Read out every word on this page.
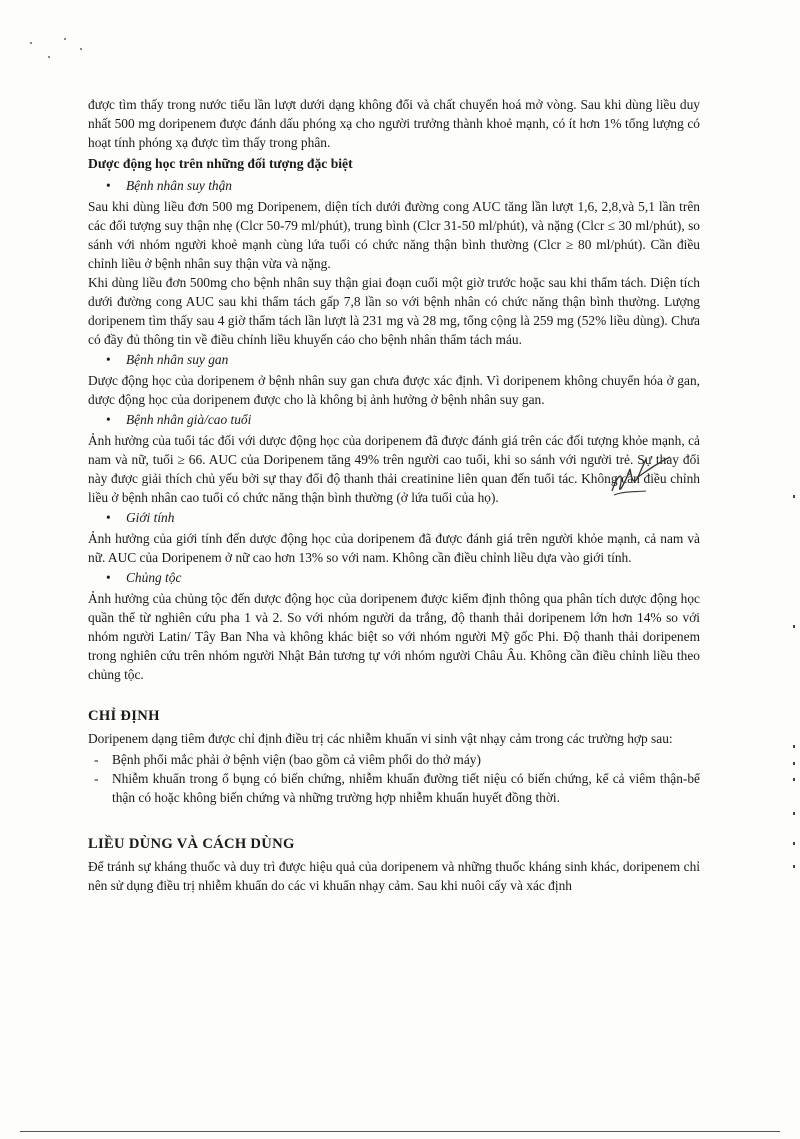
được tìm thấy trong nước tiểu lần lượt dưới dạng không đổi và chất chuyển hoá mở vòng. Sau khi dùng liều duy nhất 500 mg doripenem được đánh dấu phóng xạ cho người trưởng thành khoẻ mạnh, có ít hơn 1% tổng lượng có hoạt tính phóng xạ được tìm thấy trong phân.

Dược động học trên những đối tượng đặc biệt

• Bệnh nhân suy thận

Sau khi dùng liều đơn 500 mg Doripenem, diện tích dưới đường cong AUC tăng lần lượt 1,6, 2,8,và 5,1 lần trên các đối tượng suy thận nhẹ (Clcr 50-79 ml/phút), trung bình (Clcr 31-50 ml/phút), và nặng (Clcr ≤ 30 ml/phút), so sánh với nhóm người khoẻ mạnh cùng lứa tuổi có chức năng thận bình thường (Clcr ≥ 80 ml/phút). Cần điều chỉnh liều ở bệnh nhân suy thận vừa và nặng.

Khi dùng liều đơn 500mg cho bệnh nhân suy thận giai đoạn cuối một giờ trước hoặc sau khi thẩm tách. Diện tích dưới đường cong AUC sau khi thẩm tách gấp 7,8 lần so với bệnh nhân có chức năng thận bình thường. Lượng doripenem tìm thấy sau 4 giờ thẩm tách lần lượt là 231 mg và 28 mg, tổng cộng là 259 mg (52% liều dùng). Chưa có đầy đủ thông tin về điều chỉnh liều khuyến cáo cho bệnh nhân thẩm tách máu.

• Bệnh nhân suy gan

Dược động học của doripenem ở bệnh nhân suy gan chưa được xác định. Vì doripenem không chuyển hóa ở gan, dược động học của doripenem được cho là không bị ảnh hưởng ở bệnh nhân suy gan.

• Bệnh nhân già/cao tuổi

Ảnh hưởng của tuổi tác đối với dược động học của doripenem đã được đánh giá trên các đối tượng khỏe mạnh, cả nam và nữ, tuổi ≥ 66. AUC của Doripenem tăng 49% trên người cao tuổi, khi so sánh với người trẻ. Sự thay đổi này được giải thích chủ yếu bởi sự thay đổi độ thanh thải creatinine liên quan đến tuổi tác. Không cần điều chỉnh liều ở bệnh nhân cao tuổi có chức năng thận bình thường (ở lứa tuổi của họ).

• Giới tính

Ảnh hưởng của giới tính đến dược động học của doripenem đã được đánh giá trên người khỏe mạnh, cả nam và nữ. AUC của Doripenem ở nữ cao hơn 13% so với nam. Không cần điều chỉnh liều dựa vào giới tính.

• Chủng tộc

Ảnh hưởng của chủng tộc đến dược động học của doripenem được kiểm định thông qua phân tích dược động học quần thể từ nghiên cứu pha 1 và 2. So với nhóm người da trắng, độ thanh thải doripenem lớn hơn 14% so với nhóm người Latin/ Tây Ban Nha và không khác biệt so với nhóm người Mỹ gốc Phi. Độ thanh thải doripenem trong nghiên cứu trên nhóm người Nhật Bản tương tự với nhóm người Châu Âu. Không cần điều chỉnh liều theo chủng tộc.

CHỈ ĐỊNH

Doripenem dạng tiêm được chỉ định điều trị các nhiễm khuẩn vi sinh vật nhạy cảm trong các trường hợp sau:

- Bệnh phổi mắc phải ở bệnh viện (bao gồm cả viêm phổi do thở máy)
- Nhiễm khuẩn trong ổ bụng có biến chứng, nhiễm khuẩn đường tiết niệu có biến chứng, kể cả viêm thận-bể thận có hoặc không biến chứng và những trường hợp nhiễm khuẩn huyết đồng thời.

LIỀU DÙNG VÀ CÁCH DÙNG

Để tránh sự kháng thuốc và duy trì được hiệu quả của doripenem và những thuốc kháng sinh khác, doripenem chỉ nên sử dụng điều trị nhiễm khuẩn do các vi khuẩn nhạy cảm. Sau khi nuôi cấy và xác định
